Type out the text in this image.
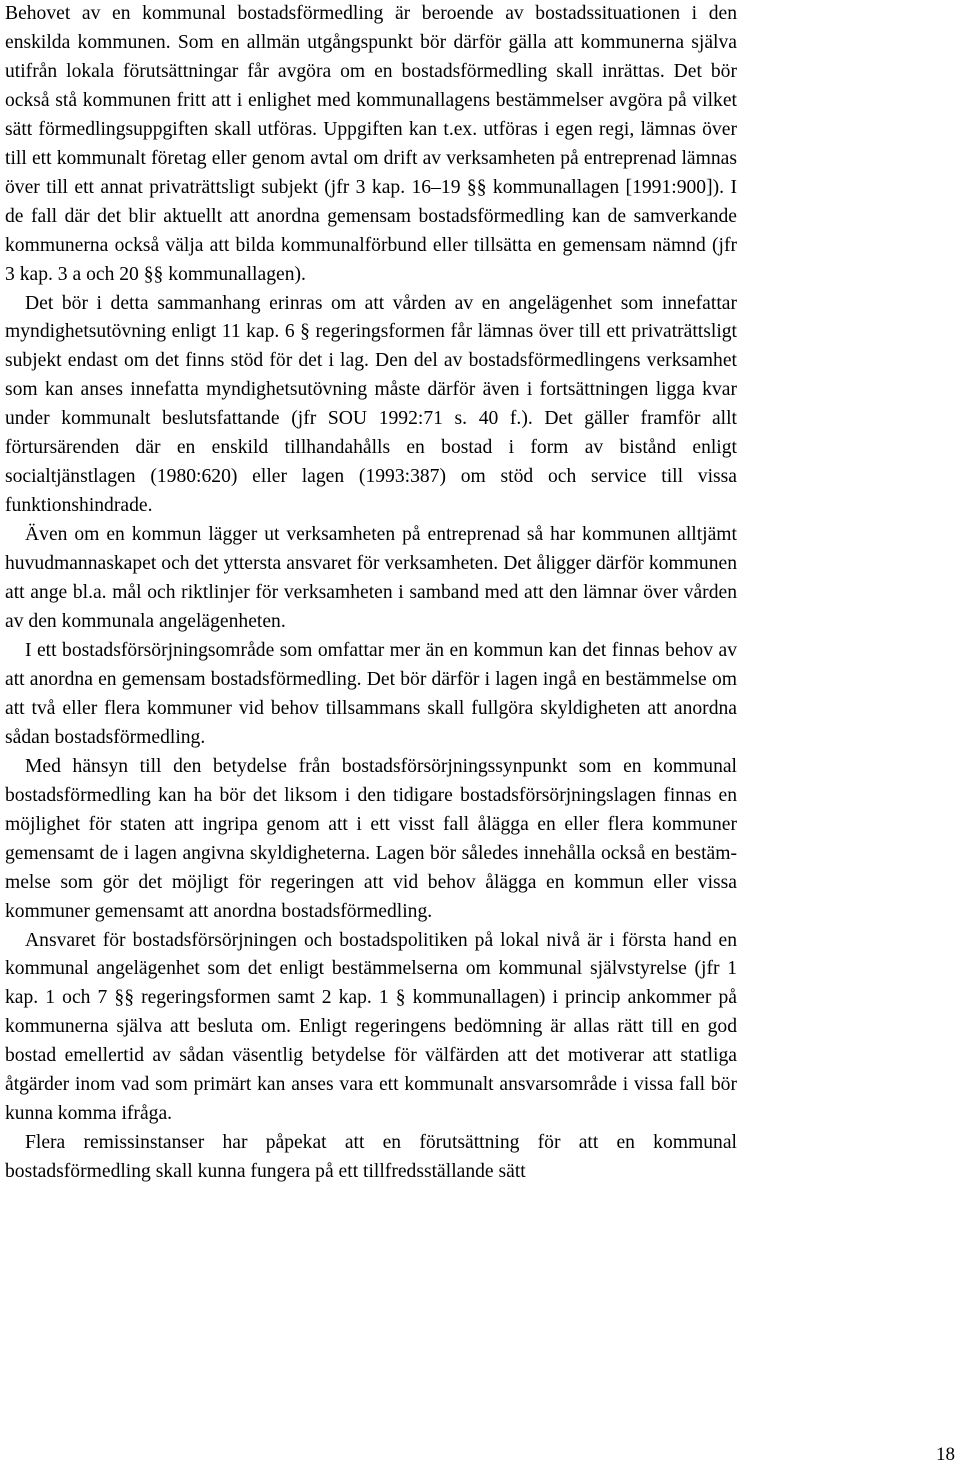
Behovet av en kommunal bostadsförmedling är beroende av bostadssituationen i den enskilda kommunen. Som en allmän utgångspunkt bör därför gälla att kommunerna själva utifrån lokala förutsättningar får avgöra om en bostadsförmedling skall inrättas. Det bör också stå kommunen fritt att i enlighet med kommunallagens bestämmelser avgöra på vilket sätt förmedlingsuppgiften skall utföras. Uppgiften kan t.ex. utföras i egen regi, lämnas över till ett kommunalt företag eller genom avtal om drift av verksamheten på entreprenad lämnas över till ett annat privaträttsligt subjekt (jfr 3 kap. 16–19 §§ kommunallagen [1991:900]). I de fall där det blir aktuellt att anordna gemensam bostadsförmedling kan de samverkande kommunerna också välja att bilda kommunalförbund eller tillsätta en gemensam nämnd (jfr 3 kap. 3 a och 20 §§ kommunallagen).

Det bör i detta sammanhang erinras om att vården av en angelägenhet som innefattar myndighetsutövning enligt 11 kap. 6 § regeringsformen får lämnas över till ett privaträttsligt subjekt endast om det finns stöd för det i lag. Den del av bostadsförmedlingens verksamhet som kan anses innefatta myndighetsutövning måste därför även i fortsättningen ligga kvar under kommunalt beslutsfattande (jfr SOU 1992:71 s. 40 f.). Det gäller framför allt förtursärenden där en enskild tillhandahålls en bostad i form av bistånd enligt socialtjänstlagen (1980:620) eller lagen (1993:387) om stöd och service till vissa funktionshindrade.

Även om en kommun lägger ut verksamheten på entreprenad så har kommunen alltjämt huvudmannaskapet och det yttersta ansvaret för verksamheten. Det åligger därför kommunen att ange bl.a. mål och riktlinjer för verksamheten i samband med att den lämnar över vården av den kommunala angelägenheten.

I ett bostadsförsörjningsområde som omfattar mer än en kommun kan det finnas behov av att anordna en gemensam bostadsförmedling. Det bör därför i lagen ingå en bestämmelse om att två eller flera kommuner vid behov tillsammans skall fullgöra skyldigheten att anordna sådan bostadsförmedling.

Med hänsyn till den betydelse från bostadsförsörjningssynpunkt som en kommunal bostadsförmedling kan ha bör det liksom i den tidigare bostadsförsörjningslagen finnas en möjlighet för staten att ingripa genom att i ett visst fall ålägga en eller flera kommuner gemensamt de i lagen angivna skyldigheterna. Lagen bör således innehålla också en bestämmelse som gör det möjligt för regeringen att vid behov ålägga en kommun eller vissa kommuner gemensamt att anordna bostadsförmedling.

Ansvaret för bostadsförsörjningen och bostadspolitiken på lokal nivå är i första hand en kommunal angelägenhet som det enligt bestämmelserna om kommunal självstyrelse (jfr 1 kap. 1 och 7 §§ regeringsformen samt 2 kap. 1 § kommunallagen) i princip ankommer på kommunerna själva att besluta om. Enligt regeringens bedömning är allas rätt till en god bostad emellertid av sådan väsentlig betydelse för välfärden att det motiverar att statliga åtgärder inom vad som primärt kan anses vara ett kommunalt ansvarsområde i vissa fall bör kunna komma ifråga.

Flera remissinstanser har påpekat att en förutsättning för att en kommunal bostadsförmedling skall kunna fungera på ett tillfredsställande sätt

18
